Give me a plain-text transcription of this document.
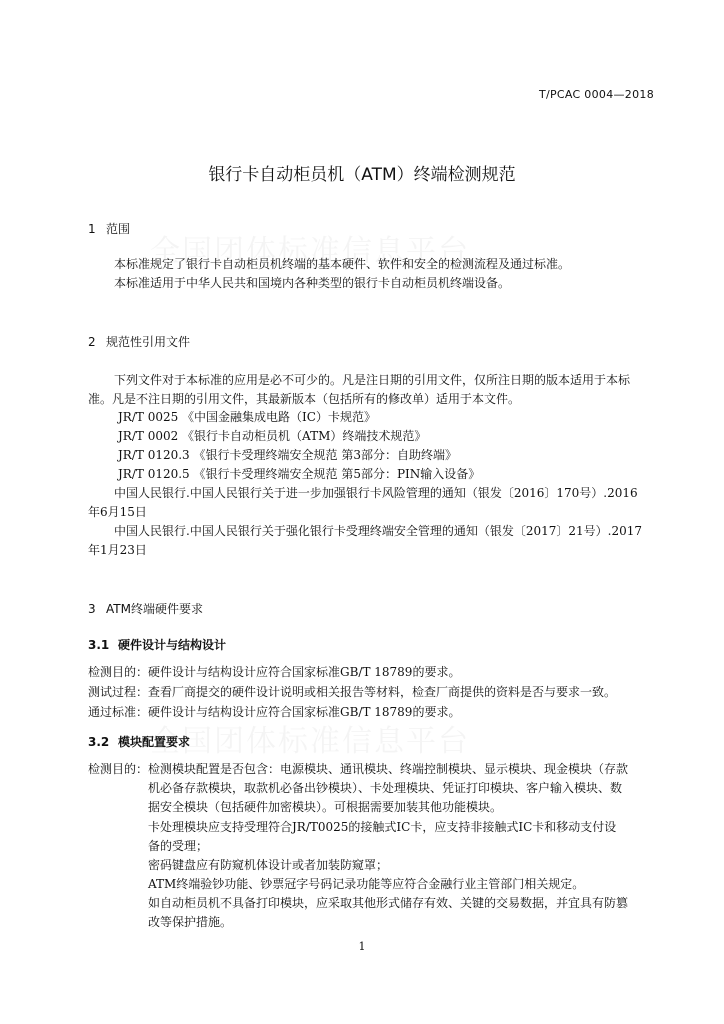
T/PCAC 0004—2018
银行卡自动柜员机（ATM）终端检测规范
1 范围
本标准规定了银行卡自动柜员机终端的基本硬件、软件和安全的检测流程及通过标准。
本标准适用于中华人民共和国境内各种类型的银行卡自动柜员机终端设备。
2 规范性引用文件
下列文件对于本标准的应用是必不可少的。凡是注日期的引用文件，仅所注日期的版本适用于本标
准。凡是不注日期的引用文件，其最新版本（包括所有的修改单）适用于本文件。
JR/T 0025 《中国金融集成电路（IC）卡规范》
JR/T 0002 《银行卡自动柜员机（ATM）终端技术规范》
JR/T 0120.3 《银行卡受理终端安全规范 第3部分：自助终端》
JR/T 0120.5 《银行卡受理终端安全规范 第5部分：PIN输入设备》
中国人民银行.中国人民银行关于进一步加强银行卡风险管理的通知（银发〔2016〕170号）.2016
年6月15日
中国人民银行.中国人民银行关于强化银行卡受理终端安全管理的通知（银发〔2017〕21号）.2017
年1月23日
3 ATM终端硬件要求
3.1 硬件设计与结构设计
检测目的：硬件设计与结构设计应符合国家标准GB/T 18789的要求。
测试过程：查看厂商提交的硬件设计说明或相关报告等材料，检查厂商提供的资料是否与要求一致。
通过标准：硬件设计与结构设计应符合国家标准GB/T 18789的要求。
3.2 模块配置要求
检测目的： 检测模块配置是否包含：电源模块、通讯模块、终端控制模块、显示模块、现金模块（存款
机必备存款模块，取款机必备出钞模块）、卡处理模块、凭证打印模块、客户输入模块、数
据安全模块（包括硬件加密模块）。可根据需要加装其他功能模块。
卡处理模块应支持受理符合JR/T0025的接触式IC卡，应支持非接触式IC卡和移动支付设
备的受理；
密码键盘应有防窥机体设计或者加装防窥罩；
ATM终端验钞功能、钞票冠字号码记录功能等应符合金融行业主管部门相关规定。
如自动柜员机不具备打印模块，应采取其他形式储存有效、关键的交易数据，并宜具有防篡
改等保护措施。
1
